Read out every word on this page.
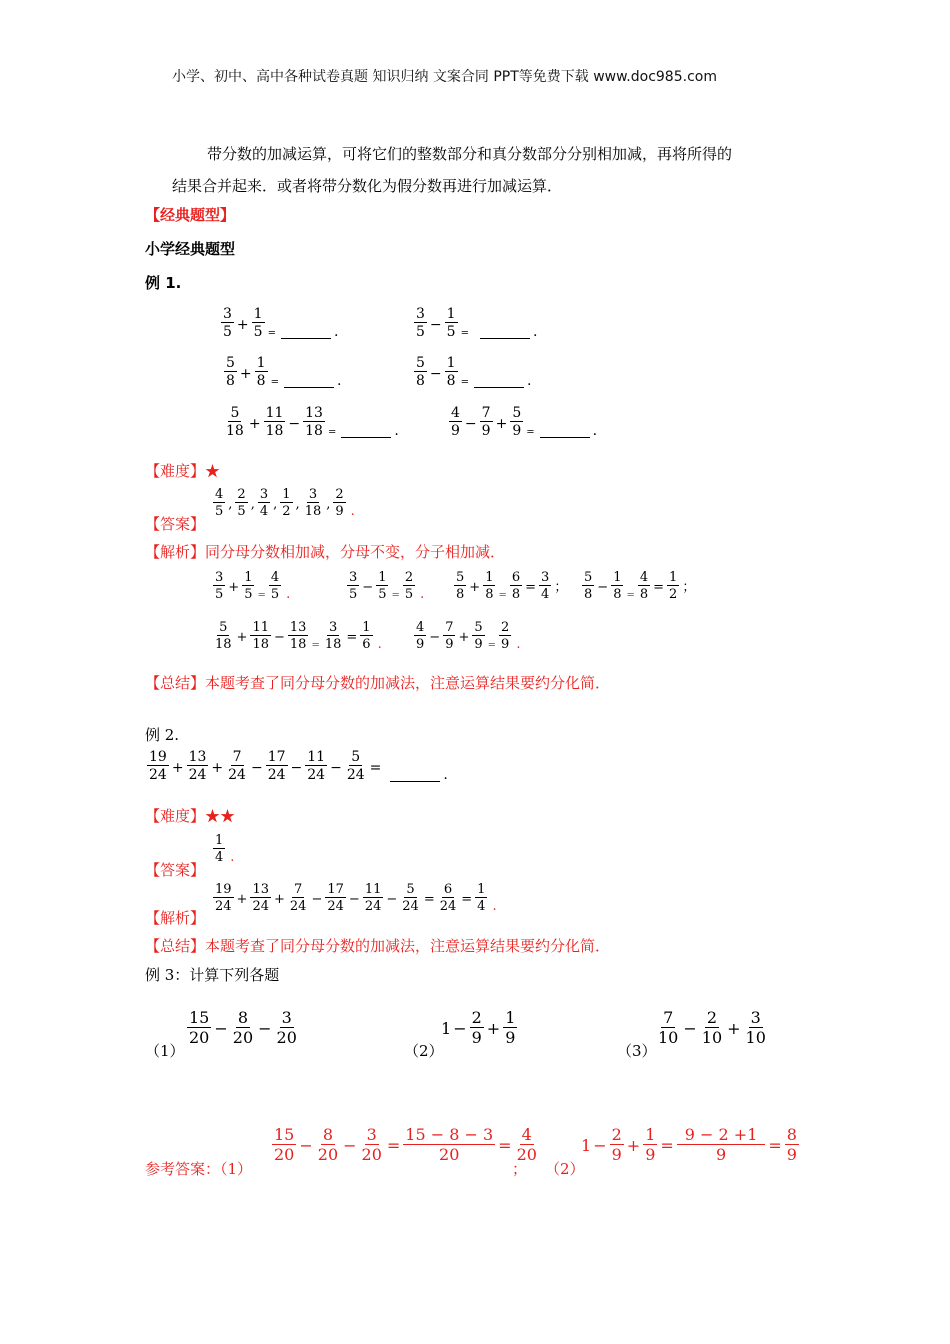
小学、初中、高中各种试卷真题 知识归纳 文案合同 PPT等免费下载 www.doc985.com
带分数的加减运算，可将它们的整数部分和真分数部分分别相加减，再将所得的
结果合并起来．或者将带分数化为假分数再进行加减运算．
【经典题型】
小学经典题型
例 1.
$\frac{3}{5} + \frac{1}{5}$ =	.	$\frac{3}{5} - \frac{1}{5}$ =	.
$\frac{5}{8} + \frac{1}{8}$ =	.	$\frac{5}{8} - \frac{1}{8}$ =	.
$\frac{5}{18} + \frac{11}{18} - \frac{13}{18}$ =	.	$\frac{4}{9} - \frac{7}{9} + \frac{5}{9}$ =	.
【难度】★
【答案】
$\frac{4}{5}$ , $\frac{2}{5}$ , $\frac{3}{4}$ , $\frac{1}{2}$ , $\frac{3}{18}$ , $\frac{2}{9}$ .
【解析】同分母分数相加减，分母不变，分子相加减．
$\frac{3}{5} + \frac{1}{5} = \frac{4}{5}$ .	$\frac{3}{5} - \frac{1}{5} = \frac{2}{5}$ . $\frac{5}{8} + \frac{1}{8} = \frac{6}{8} = \frac{3}{4}$ ； $\frac{5}{8} - \frac{1}{8} = \frac{4}{8} = \frac{1}{2}$ ；
$\frac{5}{18} + \frac{11}{18} - \frac{13}{18} = \frac{3}{18} = \frac{1}{6}$ . $\frac{4}{9} - \frac{7}{9} + \frac{5}{9} = \frac{2}{9}$ .
【总结】本题考查了同分母分数的加减法，注意运算结果要约分化简．
例 2.
$\frac{19}{24} + \frac{13}{24} + \frac{7}{24} - \frac{17}{24} - \frac{11}{24} - \frac{5}{24}$ =	.
【难度】★★
【答案】
$\frac{1}{4}$ .
【解析】
$\frac{19}{24} + \frac{13}{24} + \frac{7}{24} - \frac{17}{24} - \frac{11}{24} - \frac{5}{24} = \frac{6}{24} = \frac{1}{4}$ .
【总结】本题考查了同分母分数的加减法，注意运算结果要约分化简．
例 3：计算下列各题
（1）
$\frac{15}{20} - \frac{8}{20} - \frac{3}{20}$
（2）
$1 - \frac{2}{9} + \frac{1}{9}$
（3）
$\frac{7}{10} - \frac{2}{10} + \frac{3}{10}$
参考答案：（1）
$\frac{15}{20} - \frac{8}{20} - \frac{3}{20} = \frac{15 - 8 - 3}{20} = \frac{4}{20}$
； （2）
$1 - \frac{2}{9} + \frac{1}{9} = \frac{9 - 2 +1}{9} = \frac{8}{9}$
